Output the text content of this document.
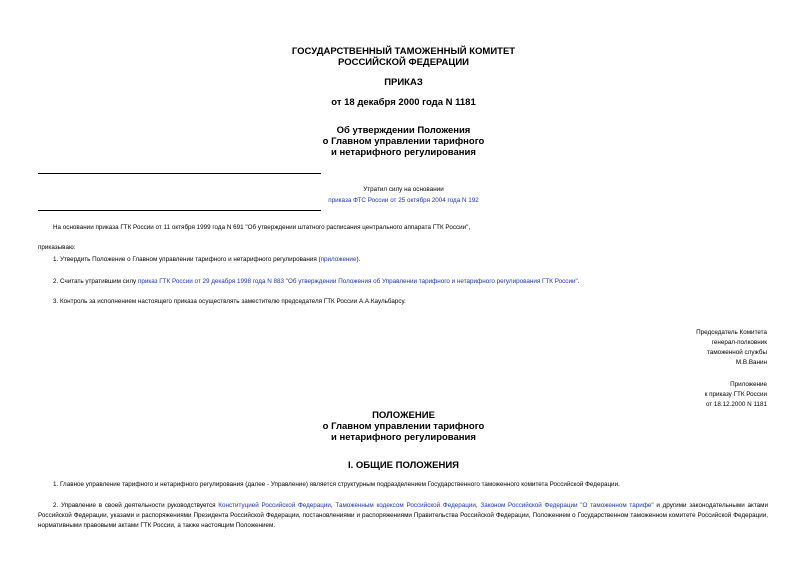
ГОСУДАРСТВЕННЫЙ ТАМОЖЕННЫЙ КОМИТЕТ
РОССИЙСКОЙ ФЕДЕРАЦИИ
ПРИКАЗ
от 18 декабря 2000 года N 1181
Об утверждении Положения
о Главном управлении тарифного
и нетарифного регулирования
Утратил силу на основании
приказа ФТС России от 25 октября 2004 года N 192
На основании приказа ГТК России от 11 октября 1999 года N 691 "Об утверждении штатного расписания центрального аппарата ГТК России",
приказываю:
1. Утвердить Положение о Главном управлении тарифного и нетарифного регулирования (приложение).
2. Считать утратившим силу приказ ГТК России от 29 декабря 1998 года N 883 "Об утверждении Положения об Управлении тарифного и нетарифного регулирования ГТК России".
3. Контроль за исполнением настоящего приказа осуществлять заместителю председателя ГТК России А.А.Каульбарсу.
Председатель Комитета
генерал-полковник
таможенной службы
М.В.Ванин
Приложение
к приказу ГТК России
от 18.12.2000 N 1181
ПОЛОЖЕНИЕ
о Главном управлении тарифного
и нетарифного регулирования
I. ОБЩИЕ ПОЛОЖЕНИЯ
1. Главное управление тарифного и нетарифного регулирования (далее - Управление) является структурным подразделением Государственного таможенного комитета Российской Федерации.
2. Управление в своей деятельности руководствуется Конституцией Российской Федерации, Таможенным кодексом Российской Федерации, Законом Российской Федерации "О таможенном тарифе" и другими законодательными актами Российской Федерации, указами и распоряжениями Президента Российской Федерации, постановлениями и распоряжениями Правительства Российской Федерации, Положением о Государственном таможенном комитете Российской Федерации, нормативными правовыми актами ГТК России, а также настоящим Положением.
